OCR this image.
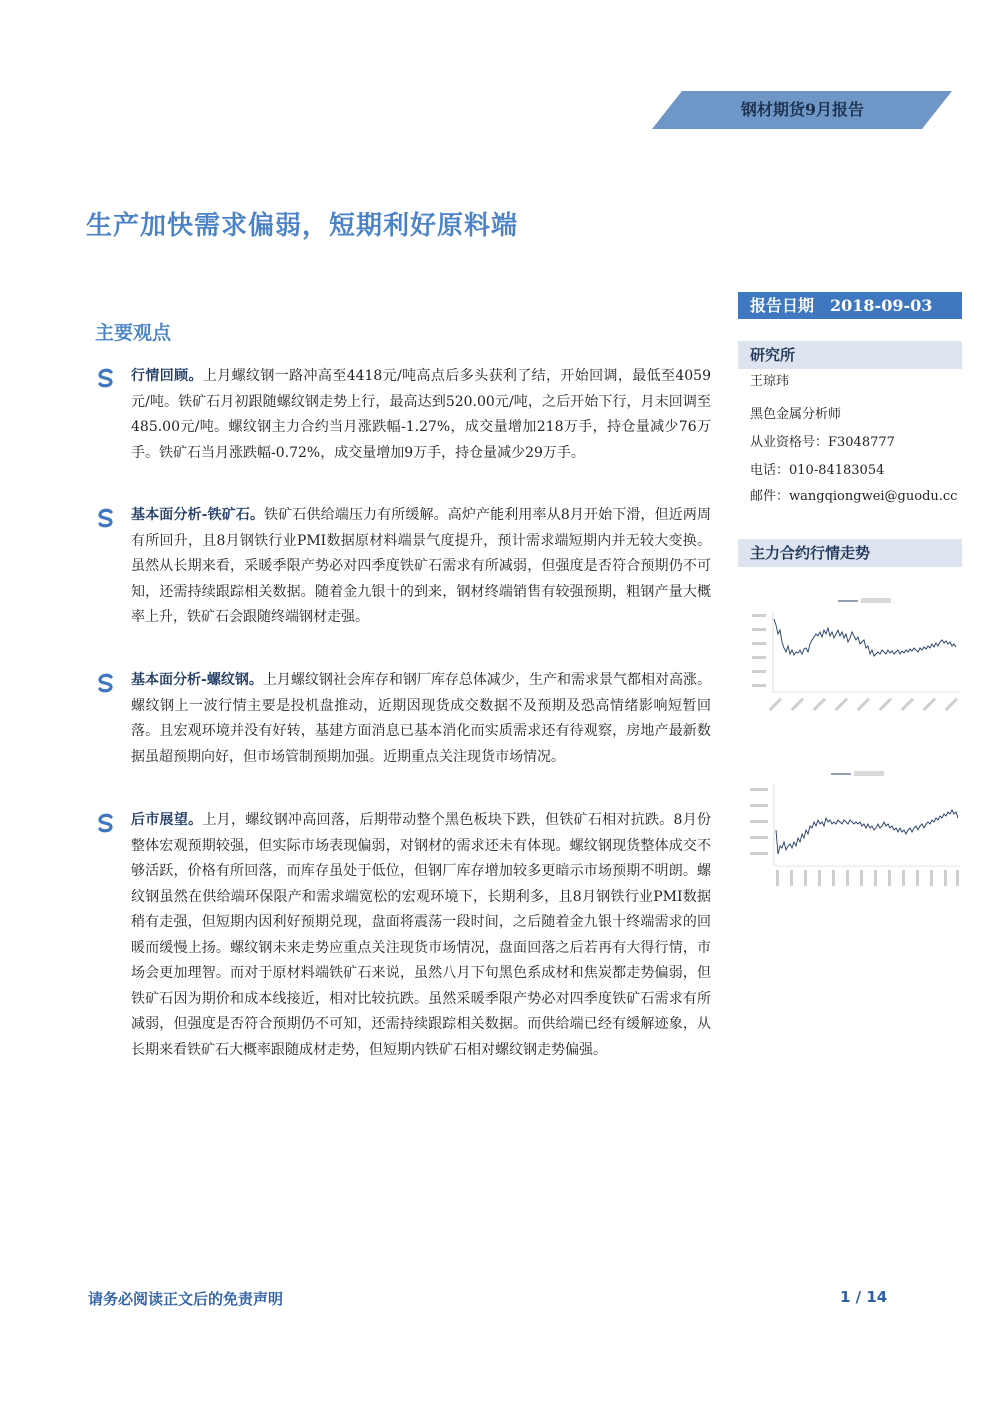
钢材期货9月报告
生产加快需求偏弱，短期利好原料端
主要观点
报告日期 2018-09-03
研究所
王琼玮
黑色金属分析师
从业资格号：F3048777
电话：010-84183054
邮件：wangqiongwei@guodu.cc
主力合约行情走势
行情回顾。上月螺纹钢一路冲高至4418元/吨高点后多头获利了结，开始回调，最低至4059元/吨。铁矿石月初跟随螺纹钢走势上行，最高达到520.00元/吨，之后开始下行，月末回调至485.00元/吨。螺纹钢主力合约当月涨跌幅-1.27%，成交量增加218万手，持仓量减少76万手。铁矿石当月涨跌幅-0.72%，成交量增加9万手，持仓量减少29万手。
基本面分析-铁矿石。铁矿石供给端压力有所缓解。高炉产能利用率从8月开始下滑，但近两周有所回升，且8月钢铁行业PMI数据原材料端景气度提升，预计需求端短期内并无较大变换。虽然从长期来看，采暖季限产势必对四季度铁矿石需求有所减弱，但强度是否符合预期仍不可知，还需持续跟踪相关数据。随着金九银十的到来，钢材终端销售有较强预期，粗钢产量大概率上升，铁矿石会跟随终端钢材走强。
基本面分析-螺纹钢。上月螺纹钢社会库存和钢厂库存总体减少，生产和需求景气都相对高涨。螺纹钢上一波行情主要是投机盘推动，近期因现货成交数据不及预期及恐高情绪影响短暂回落。且宏观环境并没有好转，基建方面消息已基本消化而实质需求还有待观察，房地产最新数据虽超预期向好，但市场管制预期加强。近期重点关注现货市场情况。
后市展望。上月，螺纹钢冲高回落，后期带动整个黑色板块下跌，但铁矿石相对抗跌。8月份整体宏观预期较强，但实际市场表现偏弱，对钢材的需求还未有体现。螺纹钢现货整体成交不够活跃，价格有所回落，而库存虽处于低位，但钢厂库存增加较多更暗示市场预期不明朗。螺纹钢虽然在供给端环保限产和需求端宽松的宏观环境下，长期利多，且8月钢铁行业PMI数据稍有走强，但短期内因利好预期兑现，盘面将震荡一段时间，之后随着金九银十终端需求的回暖而缓慢上扬。螺纹钢未来走势应重点关注现货市场情况，盘面回落之后若再有大得行情，市场会更加理智。而对于原材料端铁矿石来说，虽然八月下旬黑色系成材和焦炭都走势偏弱，但铁矿石因为期价和成本线接近，相对比较抗跌。虽然采暖季限产势必对四季度铁矿石需求有所减弱，但强度是否符合预期仍不可知，还需持续跟踪相关数据。而供给端已经有缓解迹象，从长期来看铁矿石大概率跟随成材走势，但短期内铁矿石相对螺纹钢走势偏强。
请务必阅读正文后的免责声明	1 / 14
